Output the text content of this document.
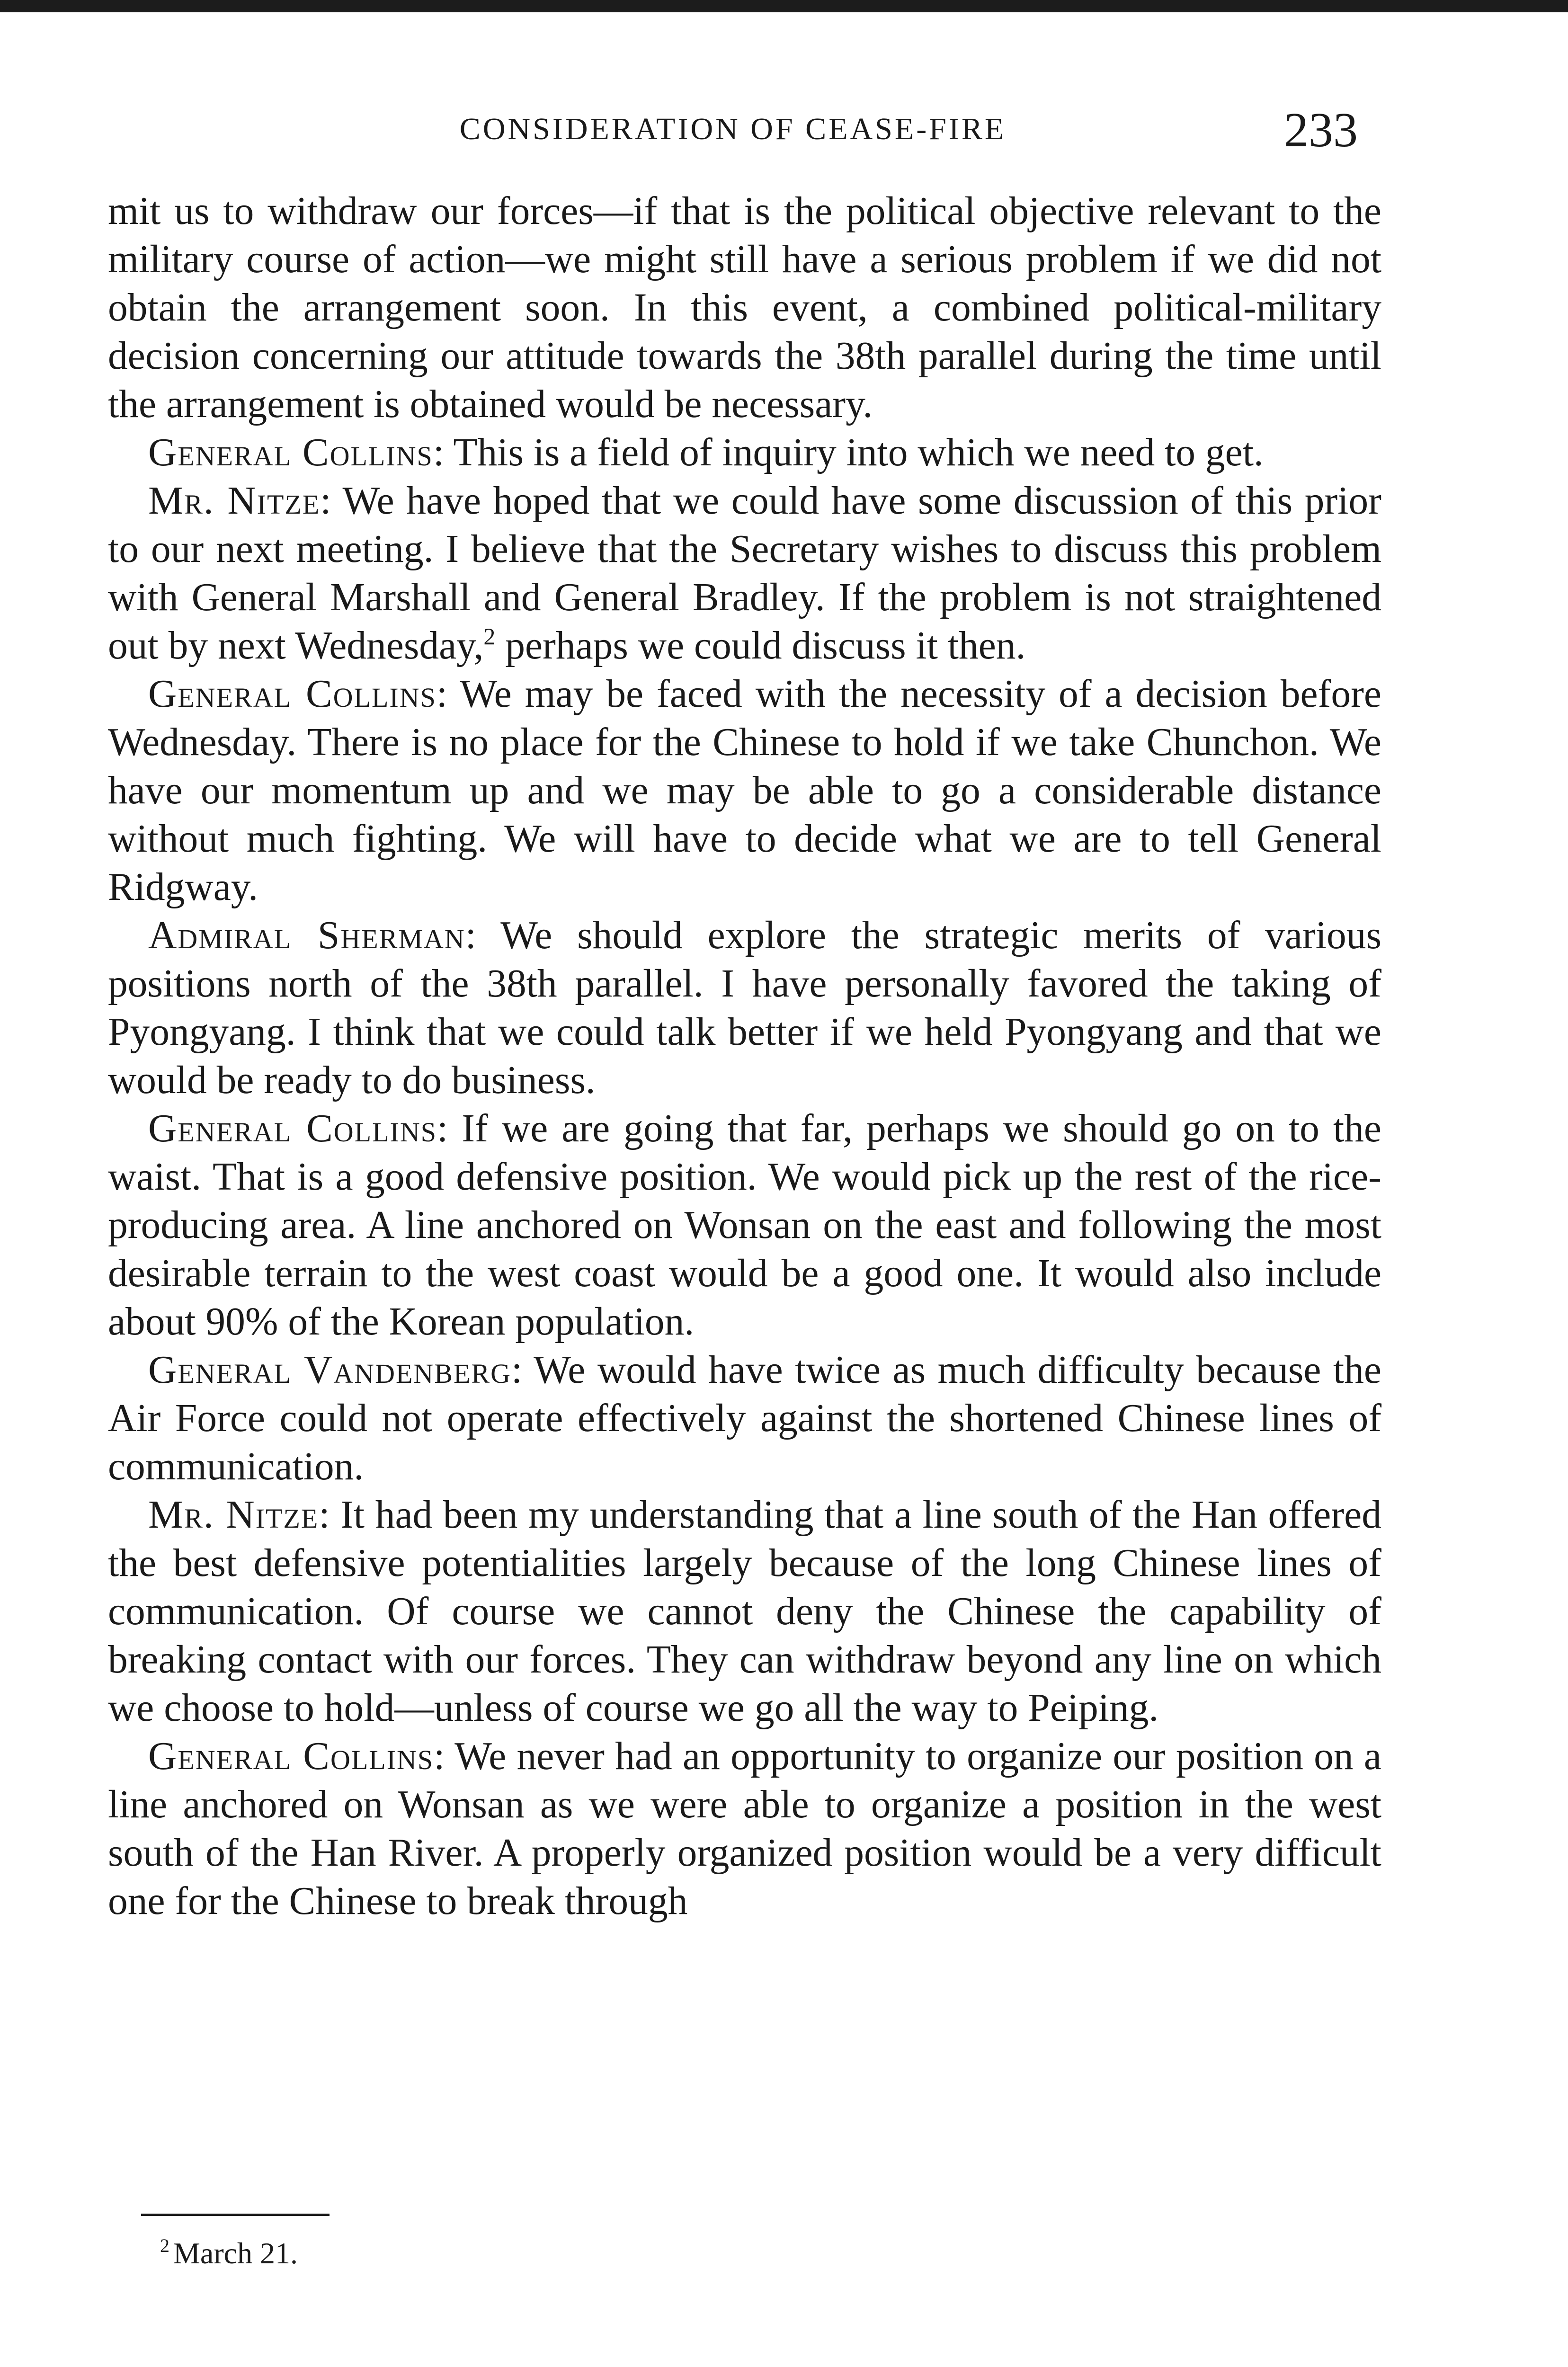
CONSIDERATION OF CEASE-FIRE	233

mit us to withdraw our forces—if that is the political objective relevant to the military course of action—we might still have a serious problem if we did not obtain the arrangement soon. In this event, a combined political-military decision concerning our attitude towards the 38th parallel during the time until the arrangement is obtained would be necessary.

General Collins: This is a field of inquiry into which we need to get.

Mr. Nitze: We have hoped that we could have some discussion of this prior to our next meeting. I believe that the Secretary wishes to discuss this problem with General Marshall and General Bradley. If the problem is not straightened out by next Wednesday,$^2$ perhaps we could discuss it then.

General Collins: We may be faced with the necessity of a decision before Wednesday. There is no place for the Chinese to hold if we take Chunchon. We have our momentum up and we may be able to go a considerable distance without much fighting. We will have to decide what we are to tell General Ridgway.

Admiral Sherman: We should explore the strategic merits of various positions north of the 38th parallel. I have personally favored the taking of Pyongyang. I think that we could talk better if we held Pyongyang and that we would be ready to do business.

General Collins: If we are going that far, perhaps we should go on to the waist. That is a good defensive position. We would pick up the rest of the rice-producing area. A line anchored on Wonsan on the east and following the most desirable terrain to the west coast would be a good one. It would also include about 90% of the Korean population.

General Vandenberg: We would have twice as much difficulty because the Air Force could not operate effectively against the shortened Chinese lines of communication.

Mr. Nitze: It had been my understanding that a line south of the Han offered the best defensive potentialities largely because of the long Chinese lines of communication. Of course we cannot deny the Chinese the capability of breaking contact with our forces. They can withdraw beyond any line on which we choose to hold—unless of course we go all the way to Peiping.

General Collins: We never had an opportunity to organize our position on a line anchored on Wonsan as we were able to organize a position in the west south of the Han River. A properly organized position would be a very difficult one for the Chinese to break through

$^2$ March 21.
